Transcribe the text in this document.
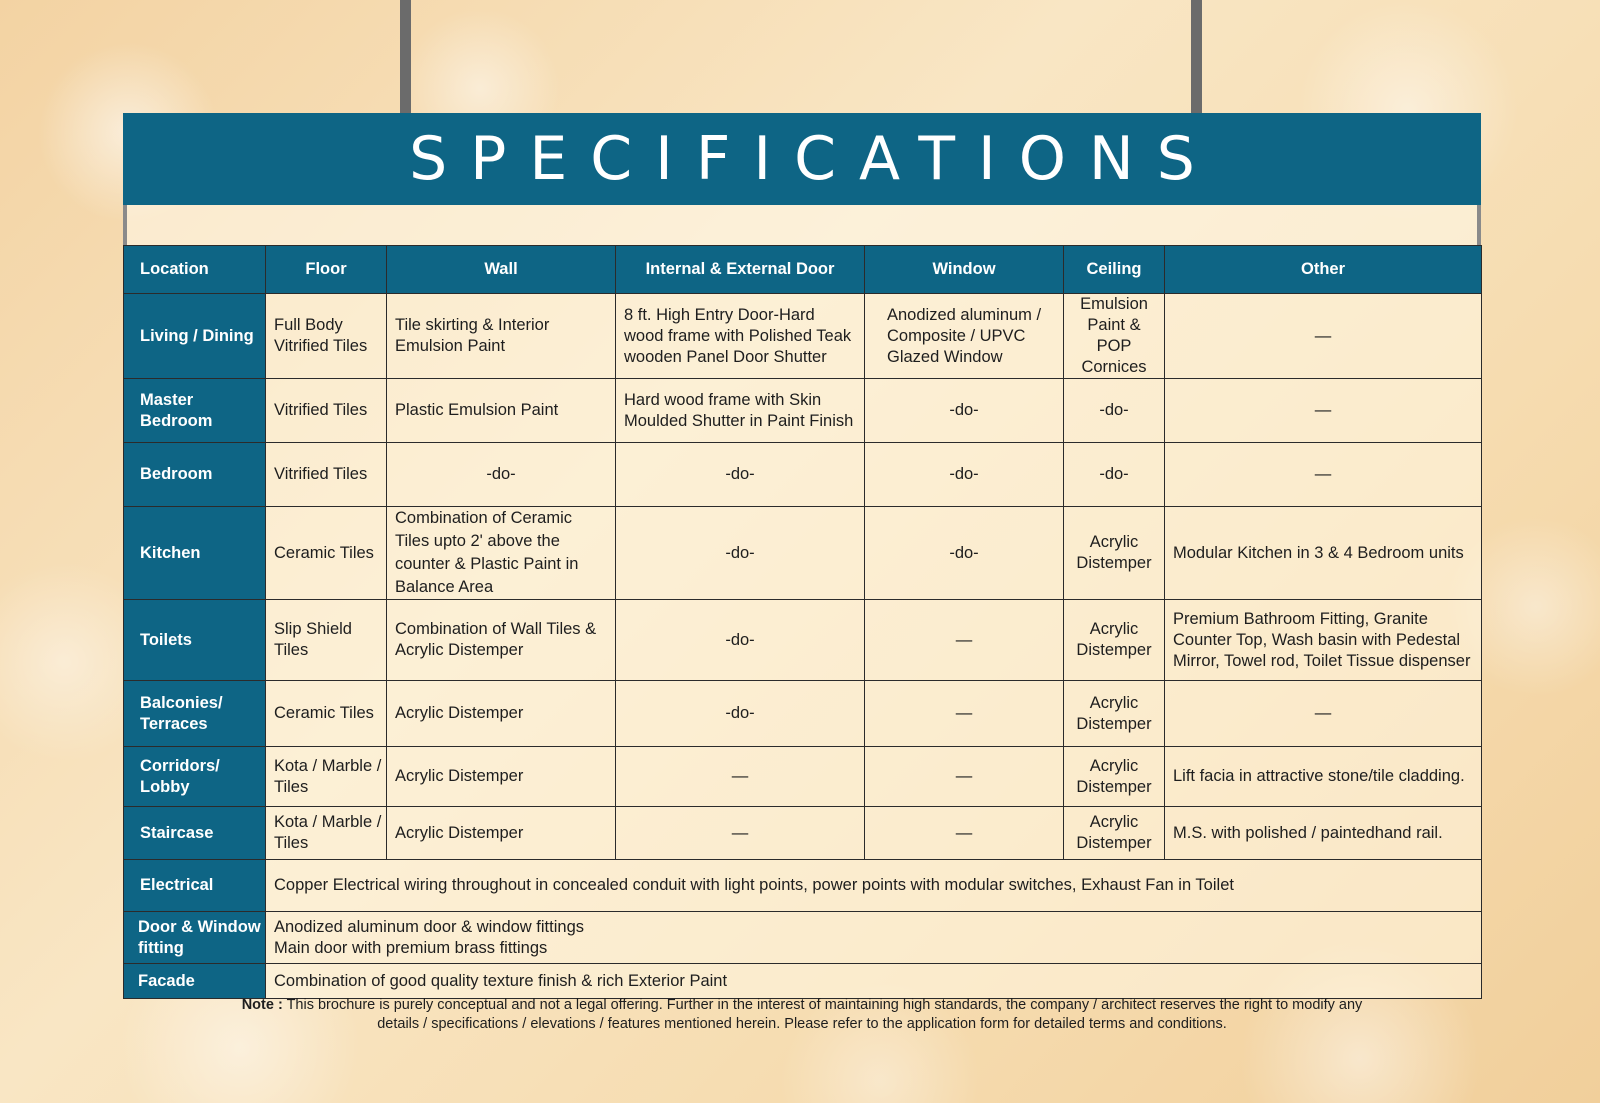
SPECIFICATIONS
Location	Floor	Wall	Internal & External Door	Window	Ceiling	Other
Living / Dining	Full Body Vitrified Tiles	Tile skirting & Interior Emulsion Paint	8 ft. High Entry Door-Hard wood frame with Polished Teak wooden Panel Door Shutter	Anodized aluminum / Composite / UPVC Glazed Window	Emulsion Paint & POP Cornices	—
Master Bedroom	Vitrified Tiles	Plastic Emulsion Paint	Hard wood frame with Skin Moulded Shutter in Paint Finish	-do-	-do-	—
Bedroom	Vitrified Tiles	-do-	-do-	-do-	-do-	—
Kitchen	Ceramic Tiles	Combination of Ceramic Tiles upto 2' above the counter & Plastic Paint in Balance Area	-do-	-do-	Acrylic Distemper	Modular Kitchen in 3 & 4 Bedroom units
Toilets	Slip Shield Tiles	Combination of Wall Tiles & Acrylic Distemper	-do-	—	Acrylic Distemper	Premium Bathroom Fitting, Granite Counter Top, Wash basin with Pedestal Mirror, Towel rod, Toilet Tissue dispenser
Balconies/ Terraces	Ceramic Tiles	Acrylic Distemper	-do-	—	Acrylic Distemper	—
Corridors/ Lobby	Kota / Marble / Tiles	Acrylic Distemper	—	—	Acrylic Distemper	Lift facia in attractive stone/tile cladding.
Staircase	Kota / Marble / Tiles	Acrylic Distemper	—	—	Acrylic Distemper	M.S. with polished / paintedhand rail.
Electrical	Copper Electrical wiring throughout in concealed conduit with light points, power points with modular switches, Exhaust Fan in Toilet					

Door & Window fitting	Anodized aluminum door & window fittings
Main door with premium brass fittings					

Facade	Combination of good quality texture finish & rich Exterior Paint					
Note : This brochure is purely conceptual and not a legal offering. Further in the interest of maintaining high standards, the company / architect reserves the right to modify any
details / specifications / elevations / features mentioned herein. Please refer to the application form for detailed terms and conditions.
